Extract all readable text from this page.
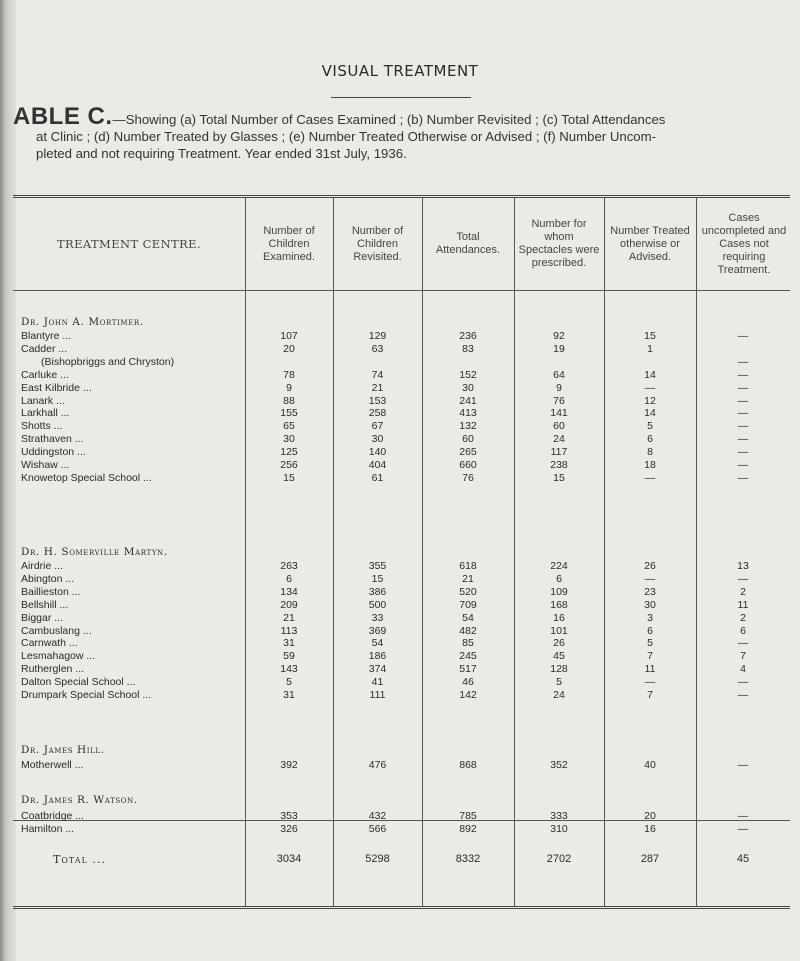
VISUAL TREATMENT
ABLE C.—Showing (a) Total Number of Cases Examined ; (b) Number Revisited ; (c) Total Attendances
at Clinic ; (d) Number Treated by Glasses ; (e) Number Treated Otherwise or Advised ; (f) Number Uncom-
pleted and not requiring Treatment. Year ended 31st July, 1936.
TREATMENT CENTRE.
Number of Children Examined.
Number of Children Revisited.
Total Attendances.
Number for whom Spectacles were prescribed.
Number Treated otherwise or Advised.
Cases uncompleted and Cases not requiring Treatment.
Dr. John A. Mortimer.
Blantyre ...	107	129	236	92	15	—
Cadder ...	20	63	83	19	1
(Bishopbriggs and Chryston)	—
Carluke ...	78	74	152	64	14	—
East Kilbride ...	9	21	30	9	—	—
Lanark ...	88	153	241	76	12	—
Larkhall ...	155	258	413	141	14	—
Shotts ...	65	67	132	60	5	—
Strathaven ...	30	30	60	24	6	—
Uddingston ...	125	140	265	117	8	—
Wishaw ...	256	404	660	238	18	—
Knowetop Special School ...	15	61	76	15	—	—
Dr. H. Somerville Martyn.
Airdrie ...	263	355	618	224	26	13
Abington ...	6	15	21	6	—	—
Baillieston ...	134	386	520	109	23	2
Bellshill ...	209	500	709	168	30	11
Biggar ...	21	33	54	16	3	2
Cambuslang ...	113	369	482	101	6	6
Carnwath ...	31	54	85	26	5	—
Lesmahagow ...	59	186	245	45	7	7
Rutherglen ...	143	374	517	128	11	4
Dalton Special School ...	5	41	46	5	—	—
Drumpark Special School ...	31	111	142	24	7	—
Dr. James Hill.
Motherwell ...	392	476	868	352	40	—
Dr. James R. Watson.
Coatbridge ...	353	432	785	333	20	—
Hamilton ...	326	566	892	310	16	—
Total ...	3034	5298	8332	2702	287	45
